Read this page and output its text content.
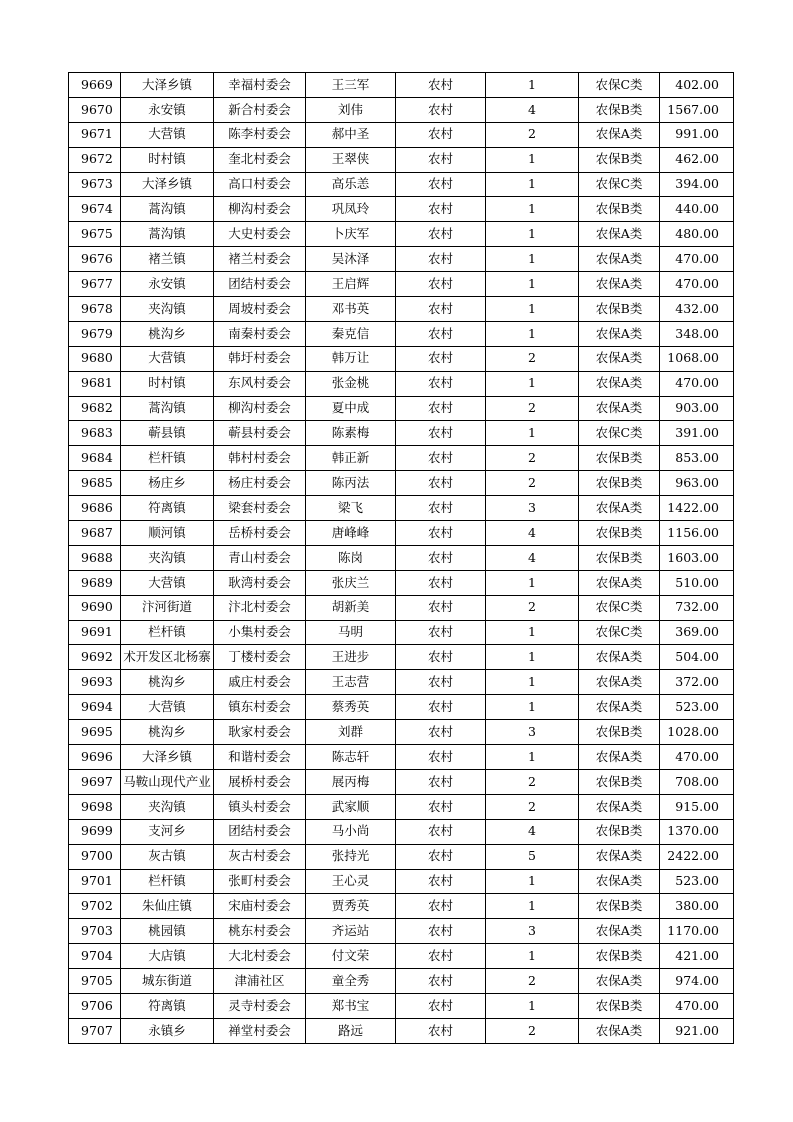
9669	大泽乡镇	幸福村委会	王三军	农村	1	农保C类	402.00
9670	永安镇	新合村委会	刘伟	农村	4	农保B类	1567.00
9671	大营镇	陈李村委会	郝中圣	农村	2	农保A类	991.00
9672	时村镇	奎北村委会	王翠侠	农村	1	农保B类	462.00
9673	大泽乡镇	高口村委会	高乐恙	农村	1	农保C类	394.00
9674	蒿沟镇	柳沟村委会	巩凤玲	农村	1	农保B类	440.00
9675	蒿沟镇	大史村委会	卜庆军	农村	1	农保A类	480.00
9676	褚兰镇	褚兰村委会	吴沐泽	农村	1	农保A类	470.00
9677	永安镇	团结村委会	王启辉	农村	1	农保A类	470.00
9678	夹沟镇	周坡村委会	邓书英	农村	1	农保B类	432.00
9679	桃沟乡	南秦村委会	秦克信	农村	1	农保A类	348.00
9680	大营镇	韩圩村委会	韩万让	农村	2	农保A类	1068.00
9681	时村镇	东风村委会	张金桃	农村	1	农保A类	470.00
9682	蒿沟镇	柳沟村委会	夏中成	农村	2	农保A类	903.00
9683	蕲县镇	蕲县村委会	陈素梅	农村	1	农保C类	391.00
9684	栏杆镇	韩村村委会	韩正新	农村	2	农保B类	853.00
9685	杨庄乡	杨庄村委会	陈丙法	农村	2	农保B类	963.00
9686	符离镇	梁套村委会	梁飞	农村	3	农保A类	1422.00
9687	顺河镇	岳桥村委会	唐峰峰	农村	4	农保B类	1156.00
9688	夹沟镇	青山村委会	陈岗	农村	4	农保B类	1603.00
9689	大营镇	耿湾村委会	张庆兰	农村	1	农保A类	510.00
9690	汴河街道	汴北村委会	胡新美	农村	2	农保C类	732.00
9691	栏杆镇	小集村委会	马明	农村	1	农保C类	369.00
9692	术开发区北杨寨	丁楼村委会	王进步	农村	1	农保A类	504.00
9693	桃沟乡	戚庄村委会	王志营	农村	1	农保A类	372.00
9694	大营镇	镇东村委会	蔡秀英	农村	1	农保A类	523.00
9695	桃沟乡	耿家村委会	刘群	农村	3	农保B类	1028.00
9696	大泽乡镇	和谐村委会	陈志轩	农村	1	农保A类	470.00
9697	马鞍山现代产业	展桥村委会	展丙梅	农村	2	农保B类	708.00
9698	夹沟镇	镇头村委会	武家顺	农村	2	农保A类	915.00
9699	支河乡	团结村委会	马小尚	农村	4	农保B类	1370.00
9700	灰古镇	灰古村委会	张持光	农村	5	农保A类	2422.00
9701	栏杆镇	张町村委会	王心灵	农村	1	农保A类	523.00
9702	朱仙庄镇	宋庙村委会	贾秀英	农村	1	农保B类	380.00
9703	桃园镇	桃东村委会	齐运站	农村	3	农保A类	1170.00
9704	大店镇	大北村委会	付文荣	农村	1	农保B类	421.00
9705	城东街道	津浦社区	童全秀	农村	2	农保A类	974.00
9706	符离镇	灵寺村委会	郑书宝	农村	1	农保B类	470.00
9707	永镇乡	禅堂村委会	路远	农村	2	农保A类	921.00
